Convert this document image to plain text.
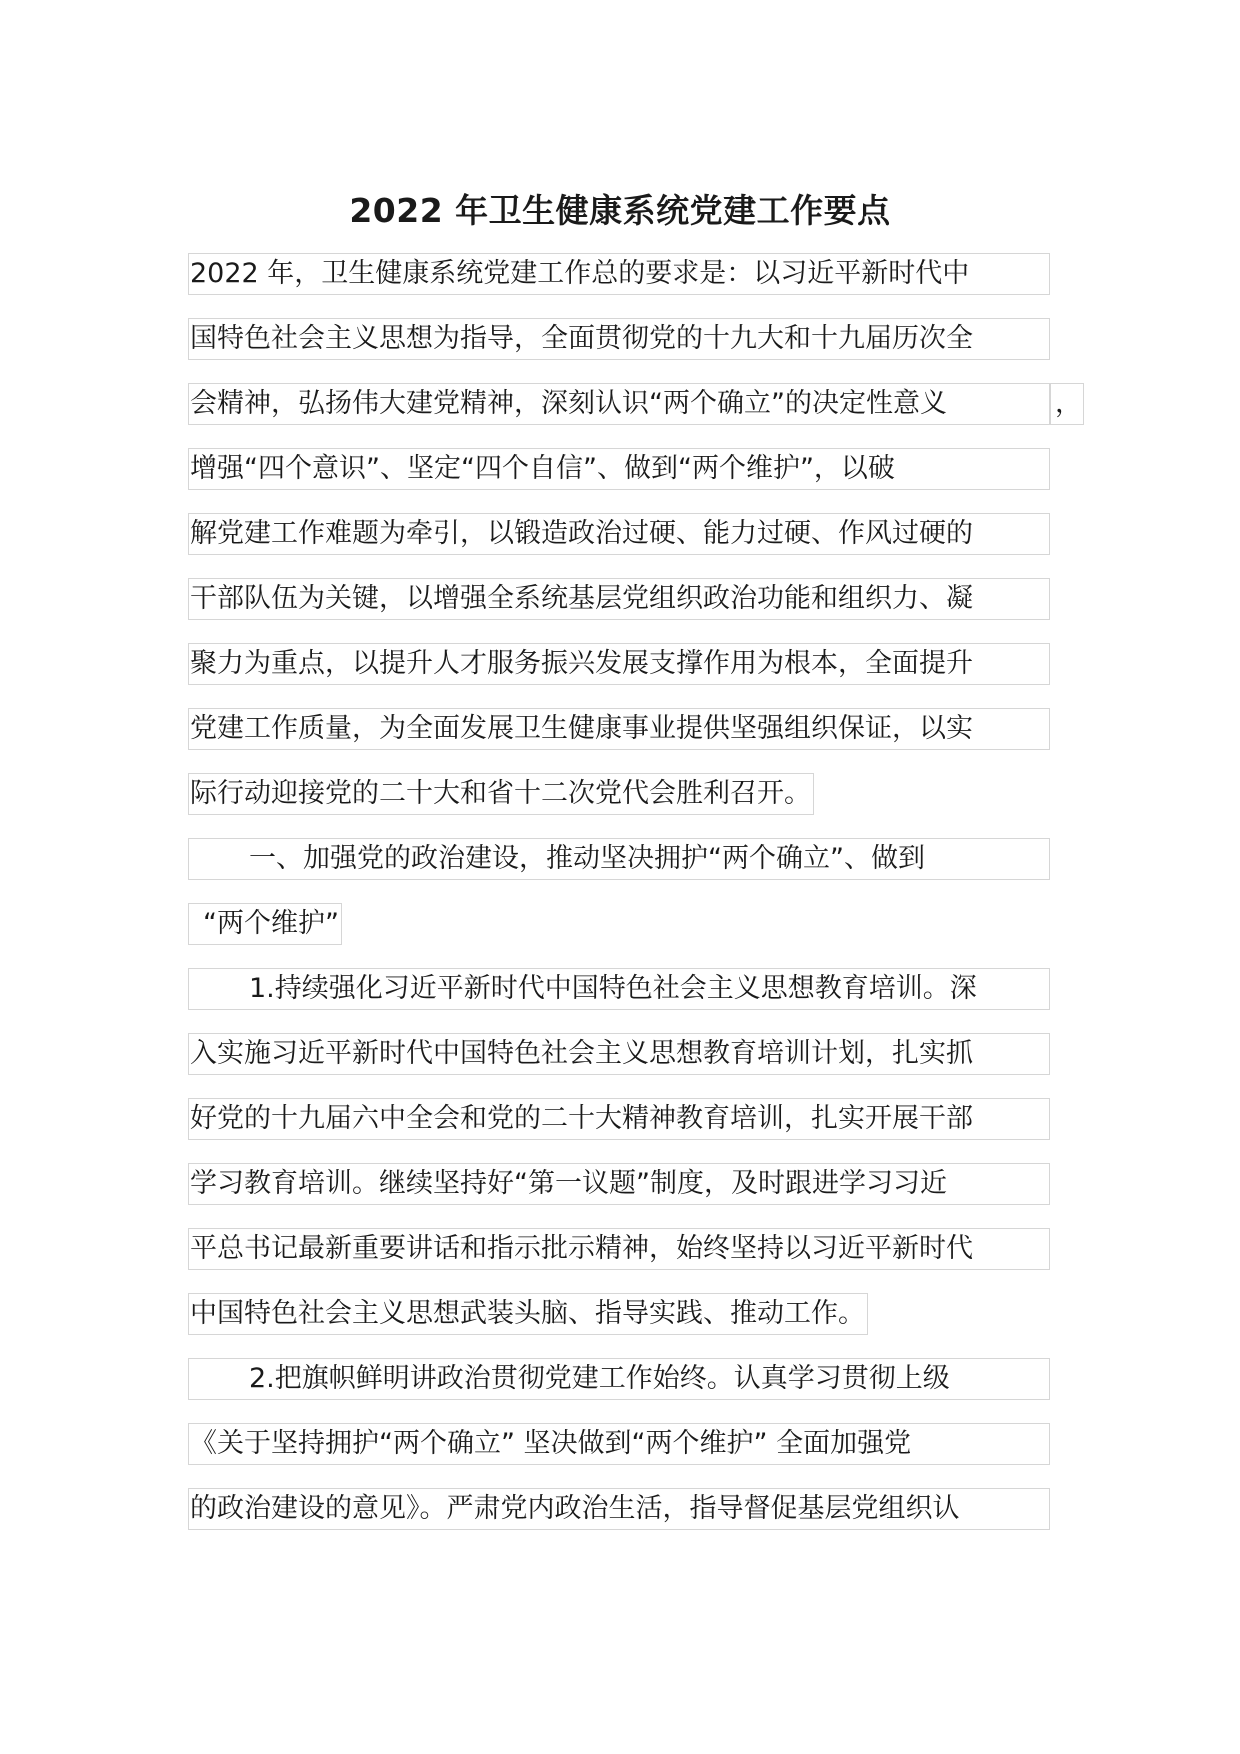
2022 年卫生健康系统党建工作要点
2022 年，卫生健康系统党建工作总的要求是：以习近平新时代中
国特色社会主义思想为指导，全面贯彻党的十九大和十九届历次全
会精神，弘扬伟大建党精神，深刻认识“两个确立”的决定性意义	，
增强“四个意识”、坚定“四个自信”、做到“两个维护”，以破
解党建工作难题为牵引，以锻造政治过硬、能力过硬、作风过硬的
干部队伍为关键，以增强全系统基层党组织政治功能和组织力、凝
聚力为重点，以提升人才服务振兴发展支撑作用为根本，全面提升
党建工作质量，为全面发展卫生健康事业提供坚强组织保证，以实
际行动迎接党的二十大和省十二次党代会胜利召开。
一、加强党的政治建设，推动坚决拥护“两个确立”、做到
“两个维护”
1.持续强化习近平新时代中国特色社会主义思想教育培训。深
入实施习近平新时代中国特色社会主义思想教育培训计划，扎实抓
好党的十九届六中全会和党的二十大精神教育培训，扎实开展干部
学习教育培训。继续坚持好“第一议题”制度，及时跟进学习习近
平总书记最新重要讲话和指示批示精神，始终坚持以习近平新时代
中国特色社会主义思想武装头脑、指导实践、推动工作。
2.把旗帜鲜明讲政治贯彻党建工作始终。认真学习贯彻上级
《关于坚持拥护“两个确立” 坚决做到“两个维护” 全面加强党
的政治建设的意见》。严肃党内政治生活，指导督促基层党组织认
